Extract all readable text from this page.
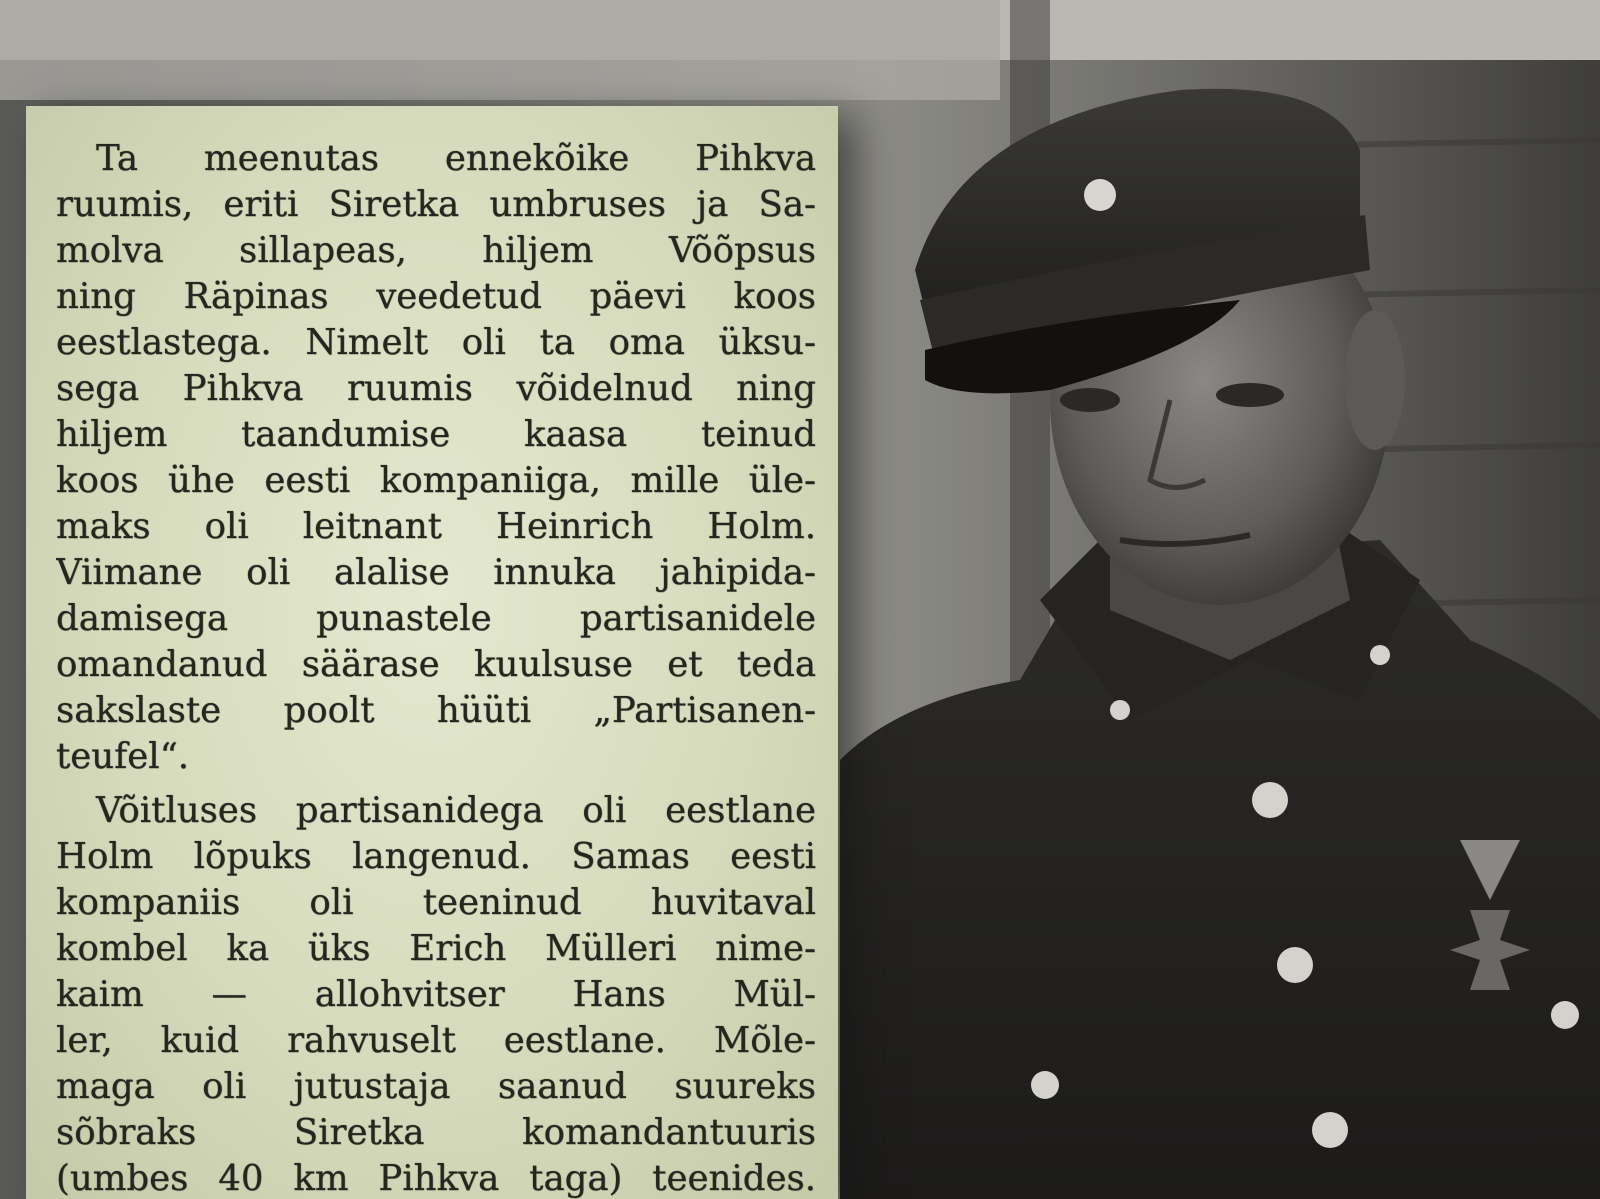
Ta meenutas ennekõike Pihkva
ruumis, eriti Siretka umbruses ja Sa-
molva sillapeas, hiljem Võõpsus
ning Räpinas veedetud päevi koos
eestlastega. Nimelt oli ta oma üksu-
sega Pihkva ruumis võidelnud ning
hiljem taandumise kaasa teinud
koos ühe eesti kompaniiga, mille üle-
maks oli leitnant Heinrich Holm.
Viimane oli alalise innuka jahipida-
damisega punastele partisanidele
omandanud säärase kuulsuse et teda
sakslaste poolt hüüti „Partisanen-
teufel“.
Võitluses partisanidega oli eestlane
Holm lõpuks langenud. Samas eesti
kompaniis oli teeninud huvitaval
kombel ka üks Erich Mülleri nime-
kaim — allohvitser Hans Mül-
ler, kuid rahvuselt eestlane. Mõle-
maga oli jutustaja saanud suureks
sõbraks Siretka komandantuuris
(umbes 40 km Pihkva taga) teenides.
